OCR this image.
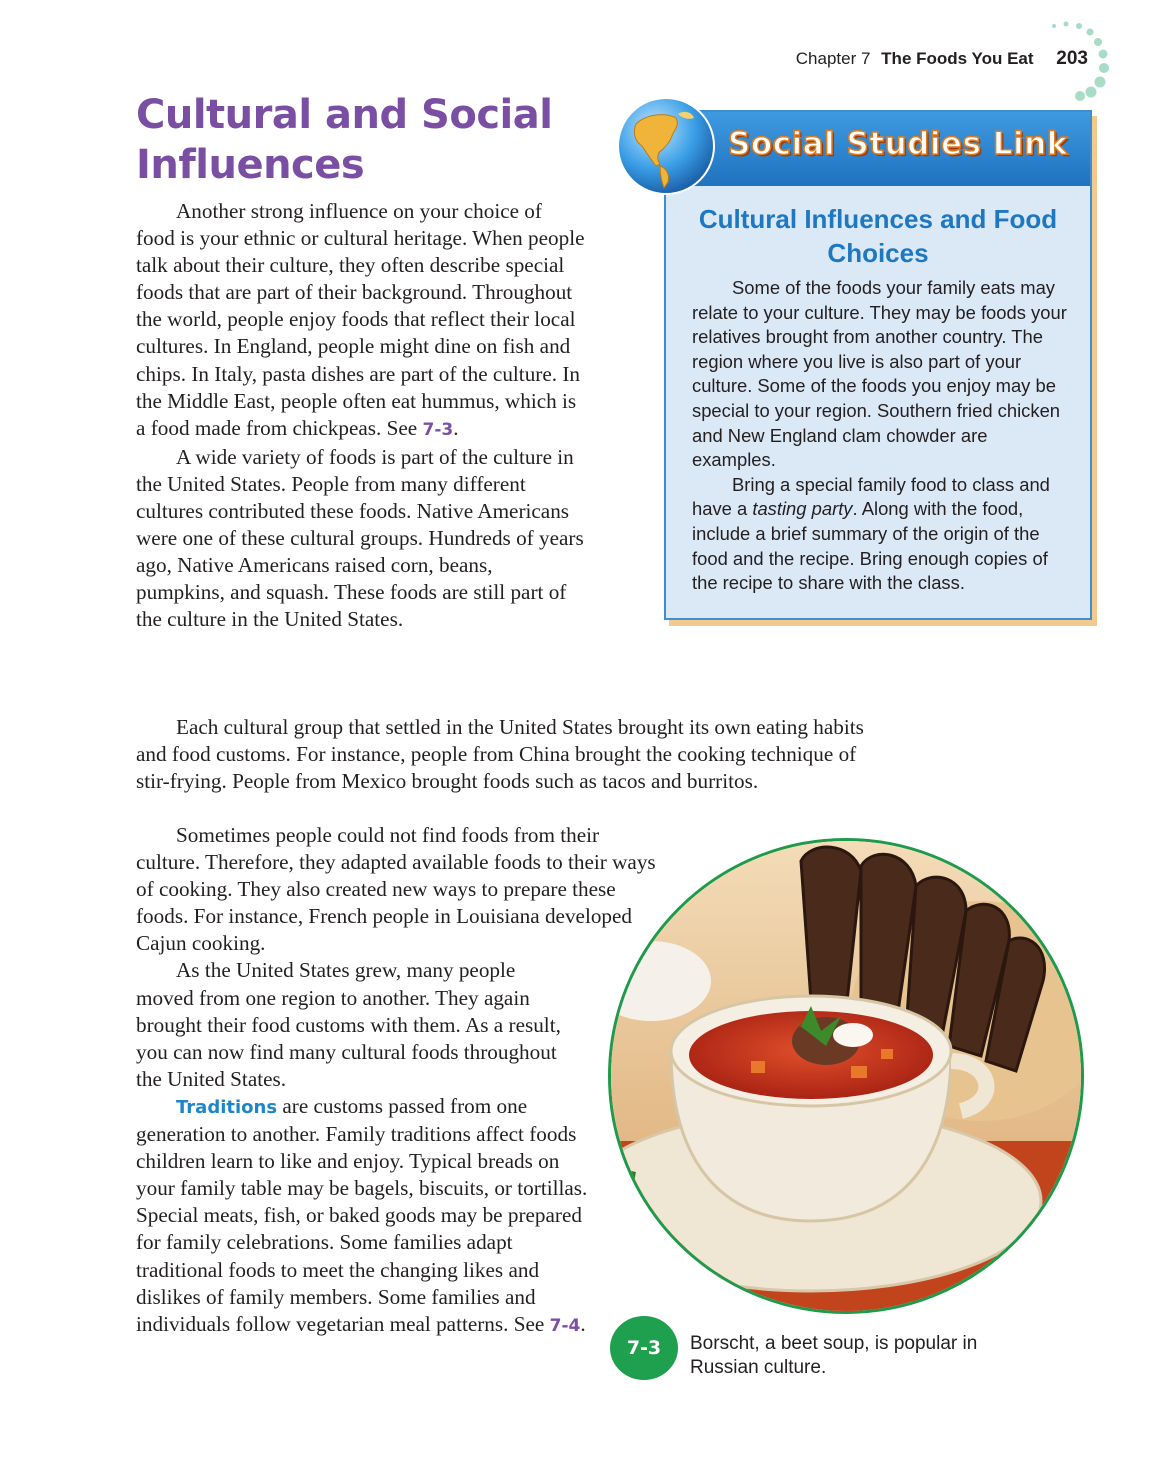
Chapter 7 The Foods You Eat 203
Cultural and Social Influences

Another strong influence on your choice of food is your ethnic or cultural heritage. When people talk about their culture, they often describe special foods that are part of their background. Throughout the world, people enjoy foods that reflect their local cultures. In England, people might dine on fish and chips. In Italy, pasta dishes are part of the culture. In the Middle East, people often eat hummus, which is a food made from chickpeas. See 7-3.

A wide variety of foods is part of the culture in the United States. People from many different cultures contributed these foods. Native Americans were one of these cultural groups. Hundreds of years ago, Native Americans raised corn, beans, pumpkins, and squash. These foods are still part of the culture in the United States.

Each cultural group that settled in the United States brought its own eating habits and food customs. For instance, people from China brought the cooking technique of stir-frying. People from Mexico brought foods such as tacos and burritos.

Sometimes people could not find foods from their culture. Therefore, they adapted available foods to their ways of cooking. They also created new ways to prepare these foods. For instance, French people in Louisiana developed Cajun cooking.

As the United States grew, many people moved from one region to another. They again brought their food customs with them. As a result, you can now find many cultural foods throughout the United States.

Traditions are customs passed from one generation to another. Family traditions affect foods children learn to like and enjoy. Typical breads on your family table may be bagels, biscuits, or tortillas. Special meats, fish, or baked goods may be prepared for family celebrations. Some families adapt traditional foods to meet the changing likes and dislikes of family members. Some families and individuals follow vegetarian meal patterns. See 7-4.

Social Studies Link
Cultural Influences and Food Choices

Some of the foods your family eats may relate to your culture. They may be foods your relatives brought from another country. The region where you live is also part of your culture. Some of the foods you enjoy may be special to your region. Southern fried chicken and New England clam chowder are examples.

Bring a special family food to class and have a tasting party. Along with the food, include a brief summary of the origin of the food and the recipe. Bring enough copies of the recipe to share with the class.

7-3	Borscht, a beet soup, is popular in Russian culture.
